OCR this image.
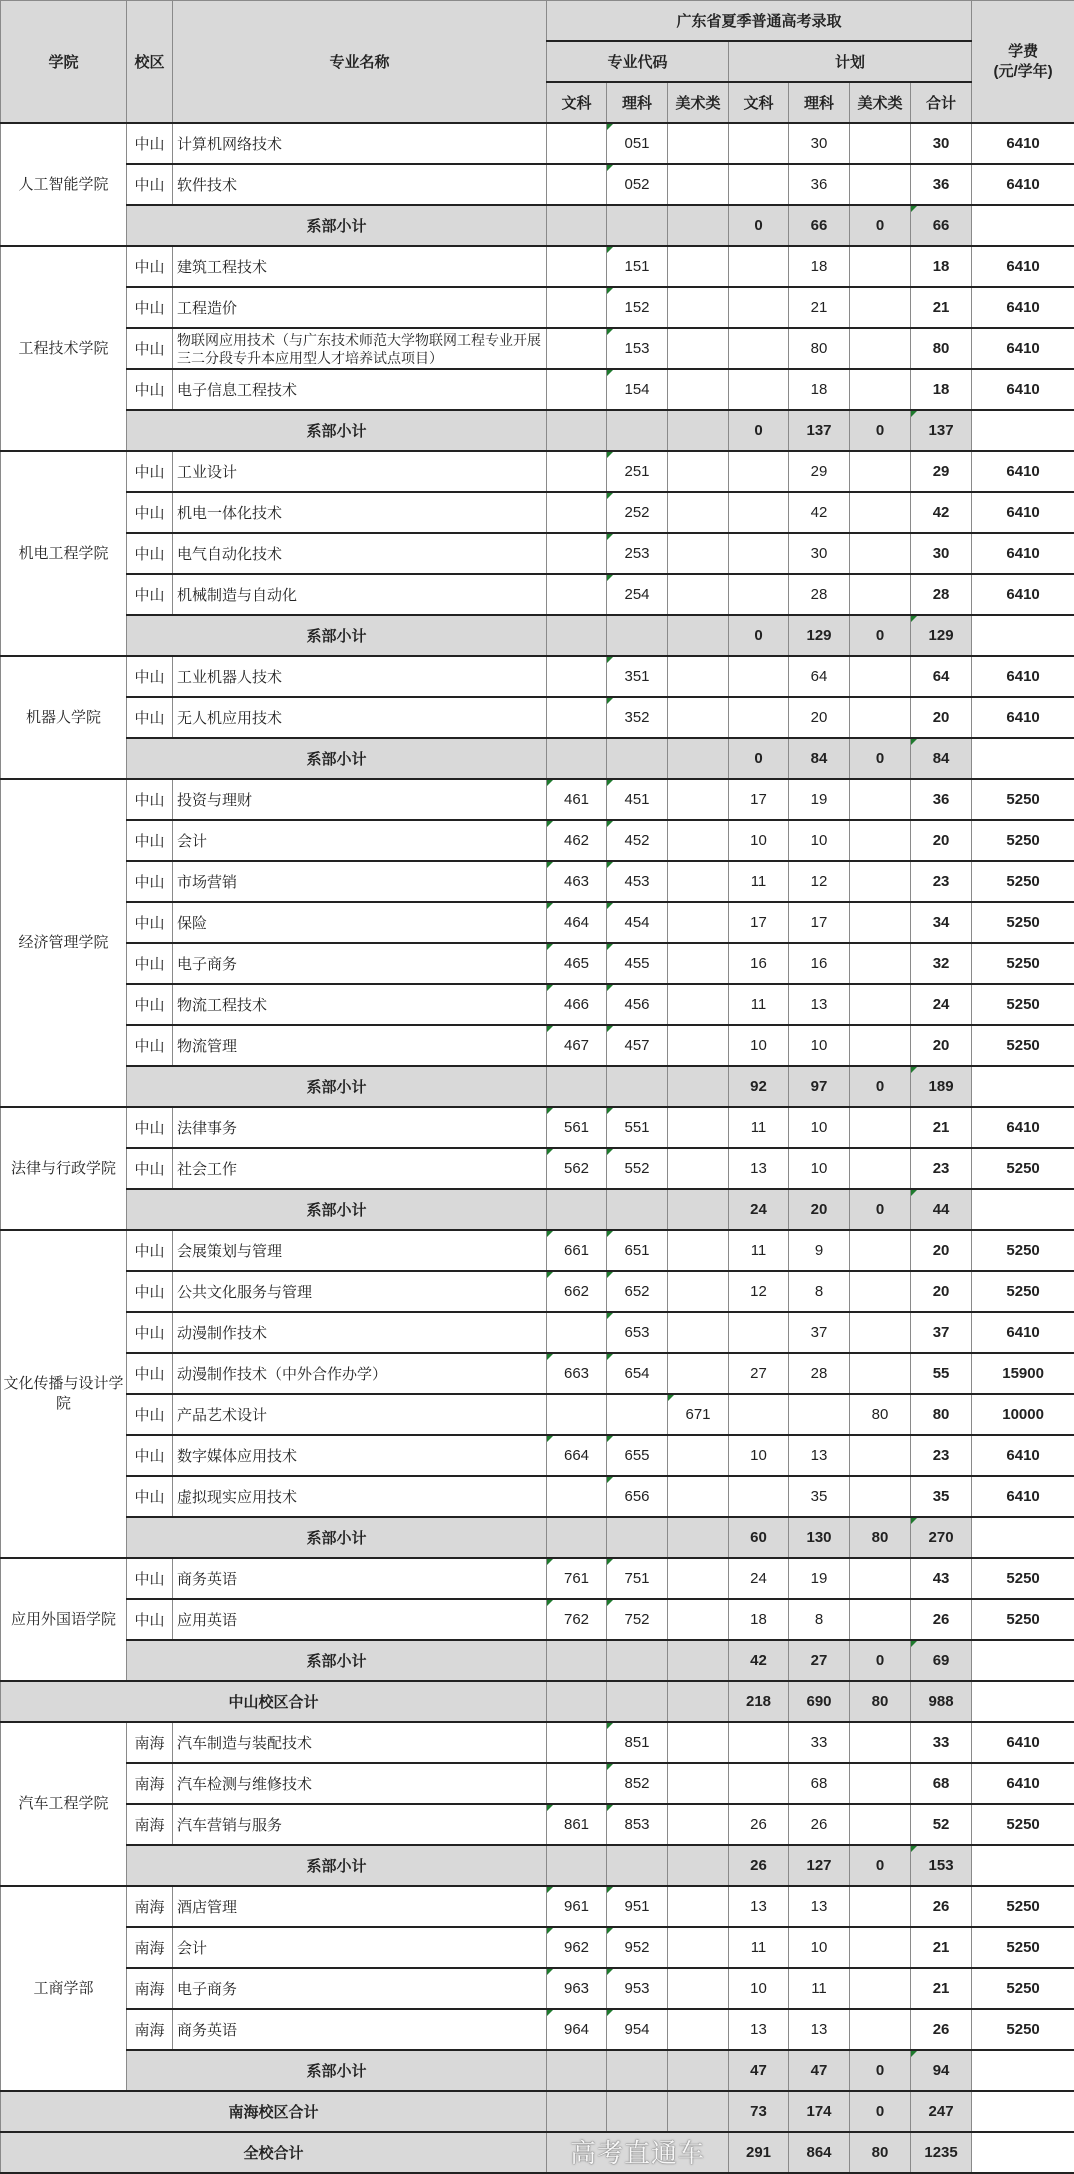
学院	校区	专业名称	广东省夏季普通高考录取							学费
(元/学年)
			专业代码			计划				
			文科	理科	美术类	文科	理科	美术类	合计	
人工智能学院	中山	计算机网络技术		051			30		30	6410
	中山	软件技术		052			36		36	6410
	系部小计					0	66	0	66	
工程技术学院	中山	建筑工程技术		151			18		18	6410
	中山	工程造价		152			21		21	6410
	中山	物联网应用技术（与广东技术师范大学物联网工程专业开展三二分段专升本应用型人才培养试点项目）		153			80		80	6410
	中山	电子信息工程技术		154			18		18	6410
	系部小计					0	137	0	137	
机电工程学院	中山	工业设计		251			29		29	6410
	中山	机电一体化技术		252			42		42	6410
	中山	电气自动化技术		253			30		30	6410
	中山	机械制造与自动化		254			28		28	6410
	系部小计					0	129	0	129	
机器人学院	中山	工业机器人技术		351			64		64	6410
	中山	无人机应用技术		352			20		20	6410
	系部小计					0	84	0	84	
经济管理学院	中山	投资与理财	461	451		17	19		36	5250
	中山	会计	462	452		10	10		20	5250
	中山	市场营销	463	453		11	12		23	5250
	中山	保险	464	454		17	17		34	5250
	中山	电子商务	465	455		16	16		32	5250
	中山	物流工程技术	466	456		11	13		24	5250
	中山	物流管理	467	457		10	10		20	5250
	系部小计					92	97	0	189	
法律与行政学院	中山	法律事务	561	551		11	10		21	6410
	中山	社会工作	562	552		13	10		23	5250
	系部小计					24	20	0	44	
文化传播与设计学院	中山	会展策划与管理	661	651		11	9		20	5250
	中山	公共文化服务与管理	662	652		12	8		20	5250
	中山	动漫制作技术		653			37		37	6410
	中山	动漫制作技术（中外合作办学）	663	654		27	28		55	15900
	中山	产品艺术设计			671			80	80	10000
	中山	数字媒体应用技术	664	655		10	13		23	6410
	中山	虚拟现实应用技术		656			35		35	6410
	系部小计					60	130	80	270	
应用外国语学院	中山	商务英语	761	751		24	19		43	5250
	中山	应用英语	762	752		18	8		26	5250
	系部小计					42	27	0	69	
中山校区合计						218	690	80	988	
汽车工程学院	南海	汽车制造与装配技术		851			33		33	6410
	南海	汽车检测与维修技术		852			68		68	6410
	南海	汽车营销与服务	861	853		26	26		52	5250
	系部小计					26	127	0	153	
工商学部	南海	酒店管理	961	951		13	13		26	5250
	南海	会计	962	952		11	10		21	5250
	南海	电子商务	963	953		10	11		21	5250
	南海	商务英语	964	954		13	13		26	5250
	系部小计					47	47	0	94	
南海校区合计						73	174	0	247	
全校合计			高考直通车			291	864	80	1235	
